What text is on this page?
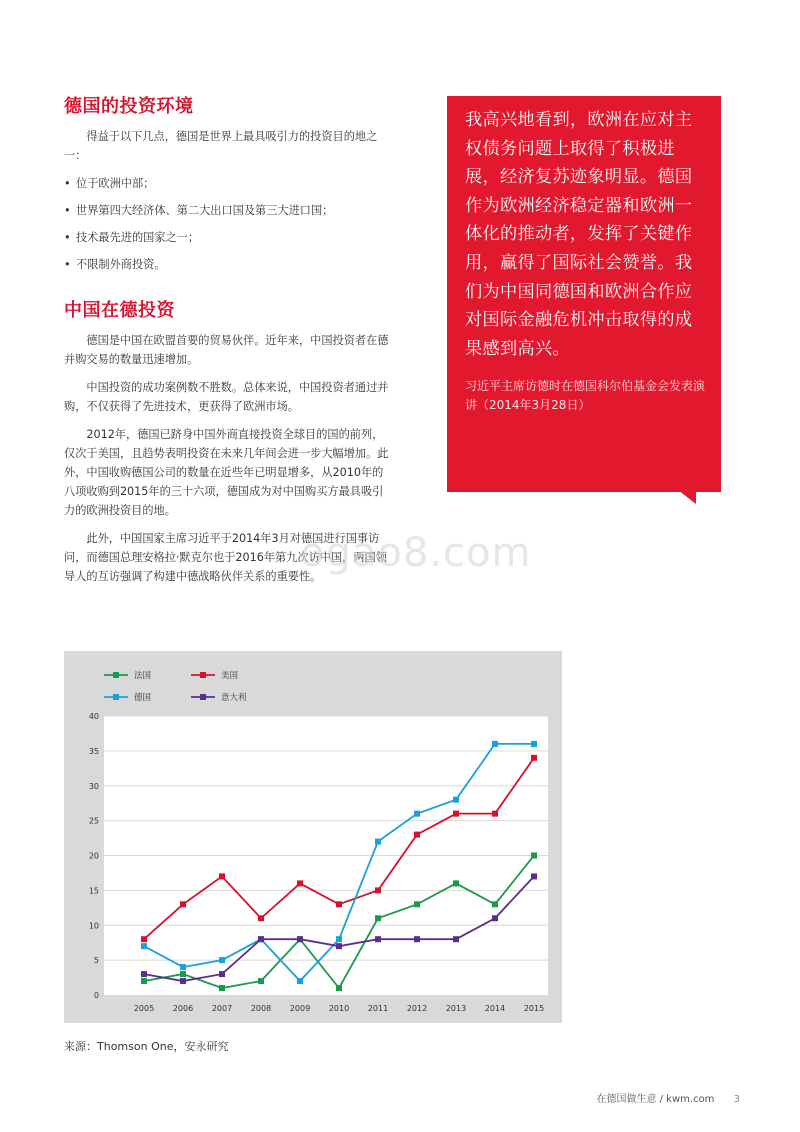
德国的投资环境

得益于以下几点，德国是世界上最具吸引力的投资目的地之一：

• 位于欧洲中部；
• 世界第四大经济体、第二大出口国及第三大进口国；
• 技术最先进的国家之一；
• 不限制外商投资。
中国在德投资

德国是中国在欧盟首要的贸易伙伴。近年来，中国投资者在德并购交易的数量迅速增加。

中国投资的成功案例数不胜数。总体来说，中国投资者通过并购，不仅获得了先进技术，更获得了欧洲市场。

2012年，德国已跻身中国外商直接投资全球目的国的前列，仅次于美国，且趋势表明投资在未来几年间会进一步大幅增加。此外，中国收购德国公司的数量在近些年已明显增多，从2010年的八项收购到2015年的三十六项，德国成为对中国购买方最具吸引力的欧洲投资目的地。

此外，中国国家主席习近平于2014年3月对德国进行国事访问，而德国总理安格拉·默克尔也于2016年第九次访中国，两国领导人的互访强调了构建中德战略伙伴关系的重要性。

我高兴地看到，欧洲在应对主权债务问题上取得了积极进展，经济复苏迹象明显。德国作为欧洲经济稳定器和欧洲一体化的推动者，发挥了关键作用，赢得了国际社会赞誉。我们为中国同德国和欧洲合作应对国际金融危机冲击取得的成果感到高兴。

习近平主席访德时在德国科尔伯基金会发表演讲（2014年3月28日）

ogao8.com
0
5
10
15
20
25
30
35
40
2005 2006 2007 2008 2009 2010 2011 2012 2013 2014 2015
法国	美国
德国	意大利
来源：Thomson One，安永研究
在德国做生意 / kwm.com 3
